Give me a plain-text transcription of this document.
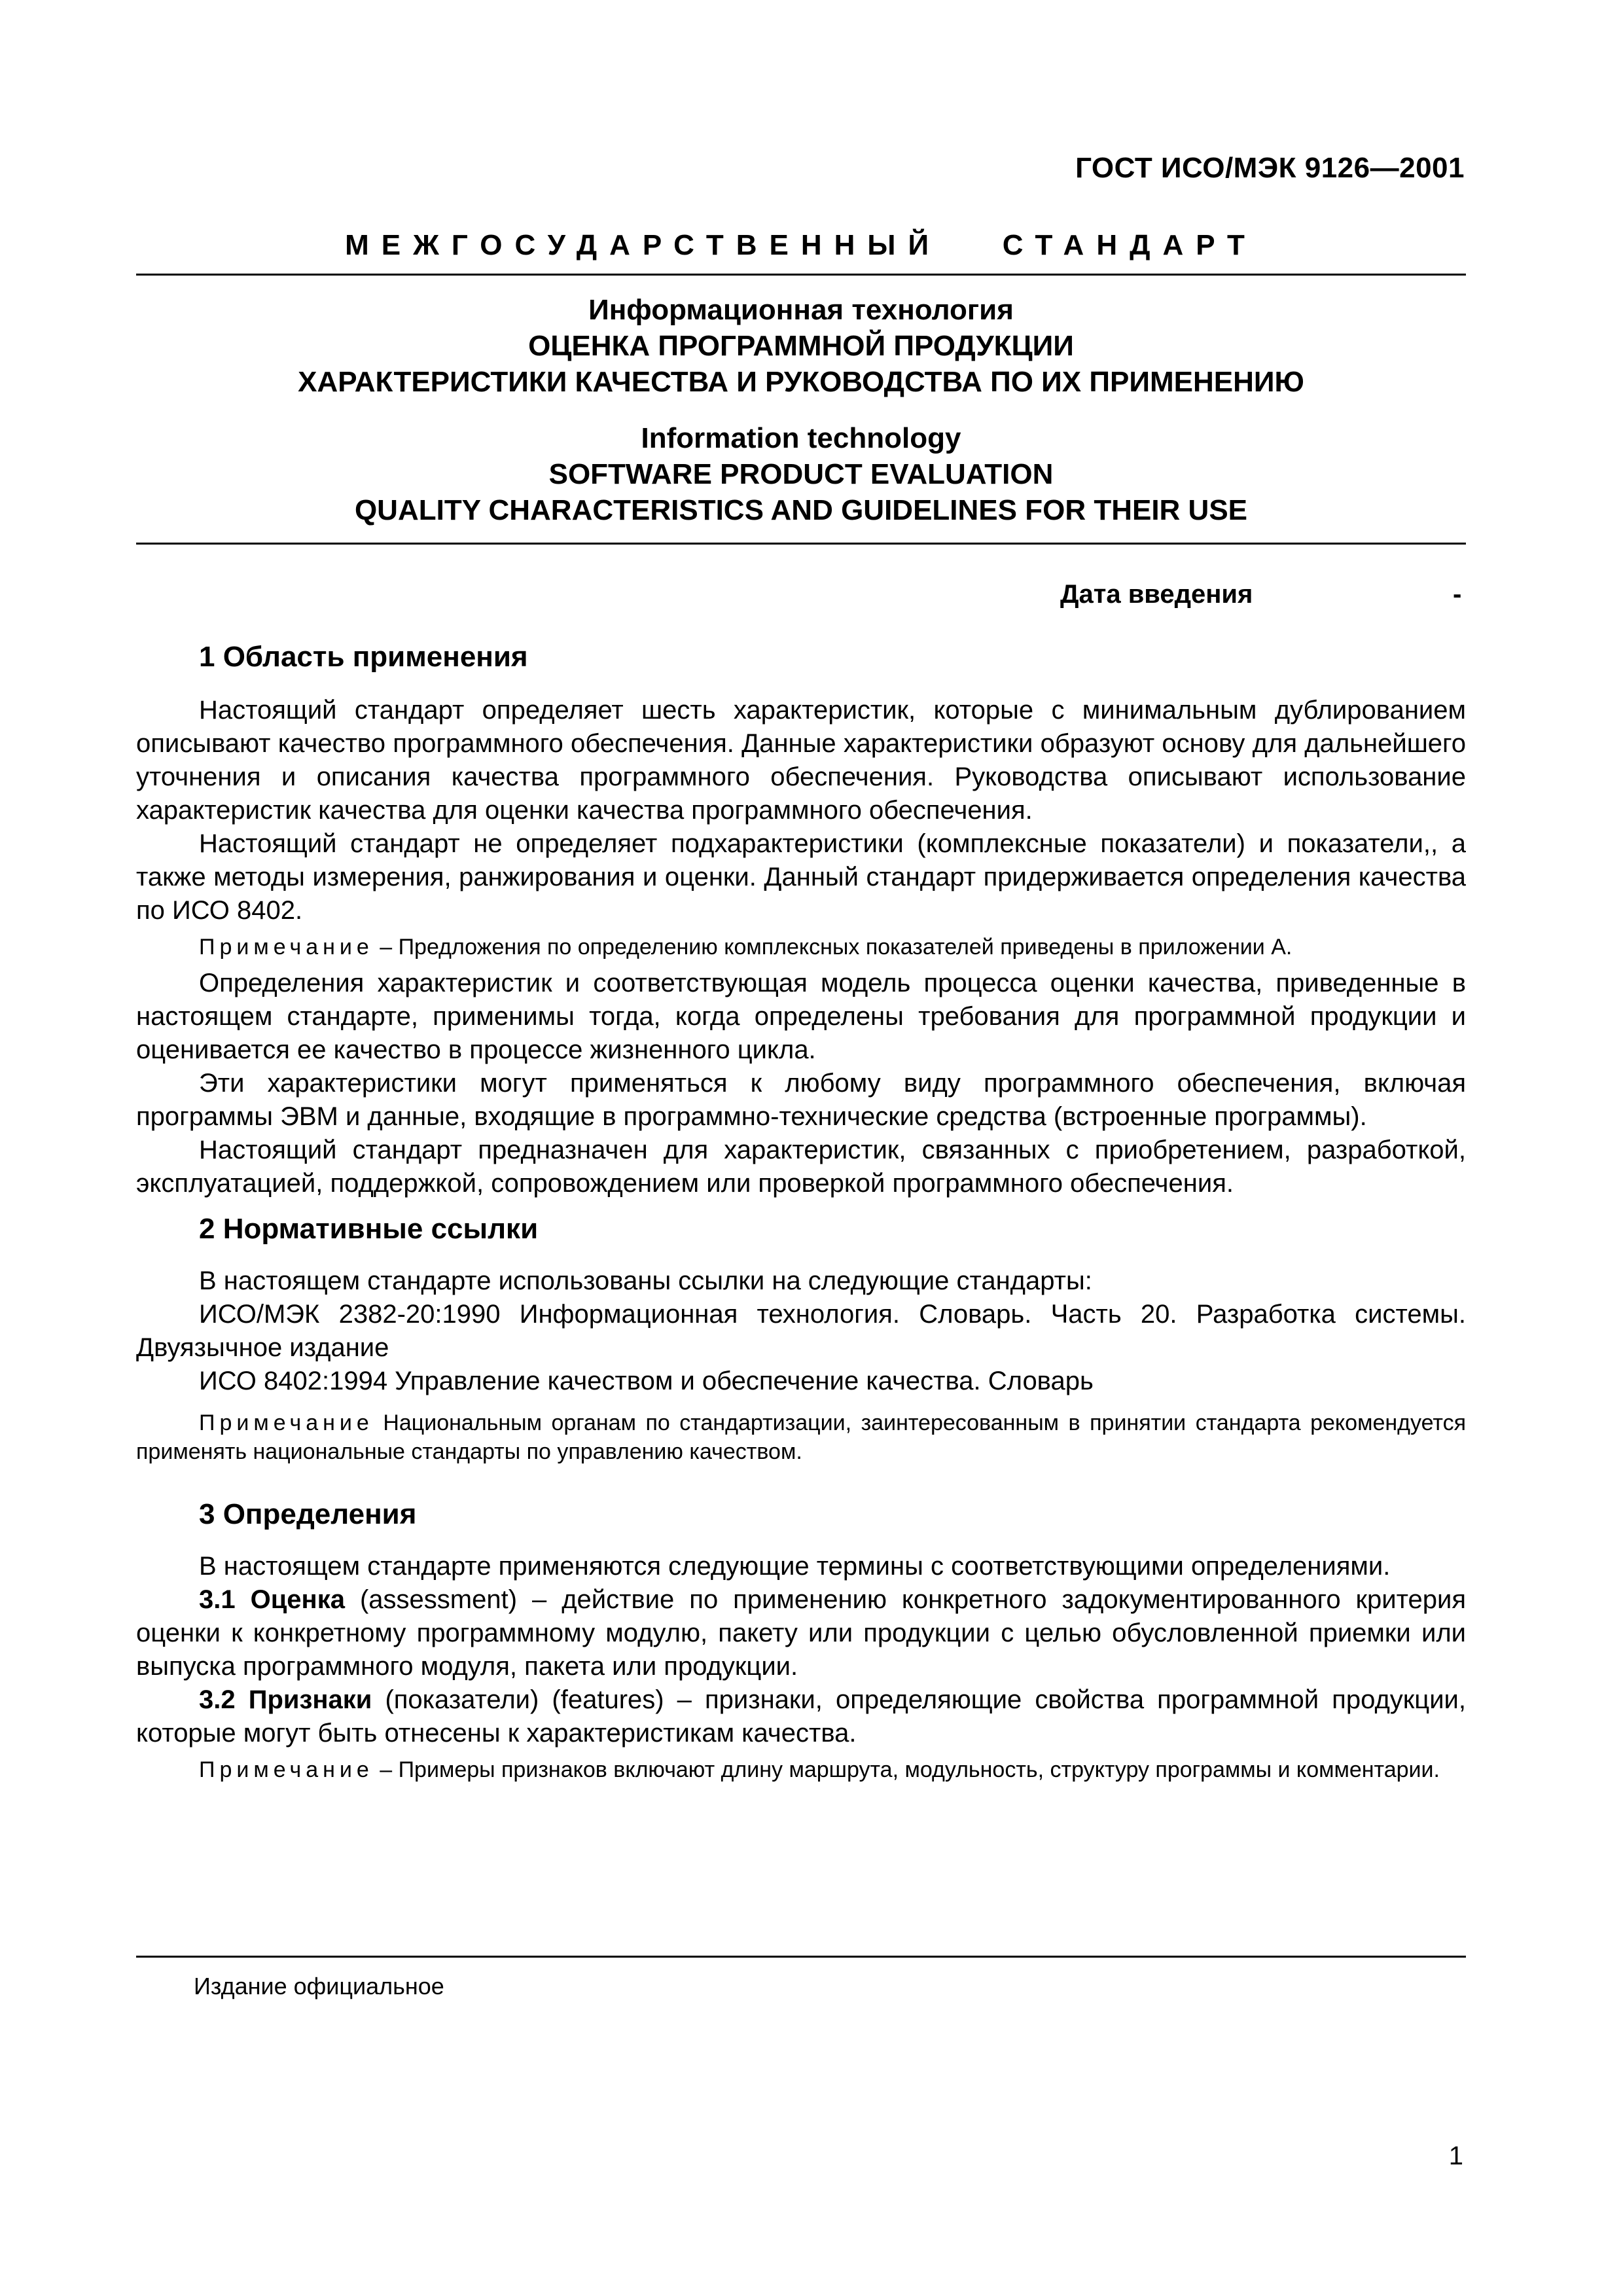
ГОСТ ИСО/МЭК 9126—2001
МЕЖГОСУДАРСТВЕННЫЙ   СТАНДАРТ
Информационная технология
ОЦЕНКА ПРОГРАММНОЙ ПРОДУКЦИИ
ХАРАКТЕРИСТИКИ КАЧЕСТВА И РУКОВОДСТВА ПО ИХ ПРИМЕНЕНИЮ
Information technology
SOFTWARE PRODUCT EVALUATION
QUALITY CHARACTERISTICS AND GUIDELINES FOR THEIR USE
Дата введения	-
1 Область применения

Настоящий стандарт определяет шесть характеристик, которые с минимальным дублированием описывают качество программного обеспечения. Данные характеристики образуют основу для дальнейшего уточнения и описания качества программного обеспечения. Руководства описывают использование характеристик качества для оценки качества программного обеспечения.

Настоящий стандарт не определяет подхарактеристики (комплексные показатели) и показатели,, а также методы измерения, ранжирования и оценки. Данный стандарт придерживается определения качества по ИСО 8402.

Примечание – Предложения по определению комплексных показателей приведены в приложении А.

Определения характеристик и соответствующая модель процесса оценки качества, приведенные в настоящем стандарте, применимы тогда, когда определены требования для программной продукции и оценивается ее качество в процессе жизненного цикла.

Эти характеристики могут применяться к любому виду программного обеспечения, включая программы ЭВМ и данные, входящие в программно-технические средства (встроенные программы).

Настоящий стандарт предназначен для характеристик, связанных с приобретением, разработкой, эксплуатацией, поддержкой, сопровождением или проверкой программного обеспечения.

2 Нормативные ссылки

В настоящем стандарте использованы ссылки на следующие стандарты:

ИСО/МЭК 2382-20:1990 Информационная технология. Словарь. Часть 20. Разработка системы. Двуязычное издание

ИСО 8402:1994 Управление качеством и обеспечение качества. Словарь

Примечание Национальным органам по стандартизации, заинтересованным в принятии стандарта рекомендуется применять национальные стандарты по управлению качеством.

3 Определения

В настоящем стандарте применяются следующие термины с соответствующими определениями.

3.1 Оценка (assessment) – действие по применению конкретного задокументированного критерия оценки к конкретному программному модулю, пакету или продукции с целью обусловленной приемки или выпуска программного модуля, пакета или продукции.

3.2 Признаки (показатели) (features) – признаки, определяющие свойства программной продукции, которые могут быть отнесены к характеристикам качества.

Примечание – Примеры признаков включают длину маршрута, модульность, структуру программы и комментарии.

Издание официальное
1
